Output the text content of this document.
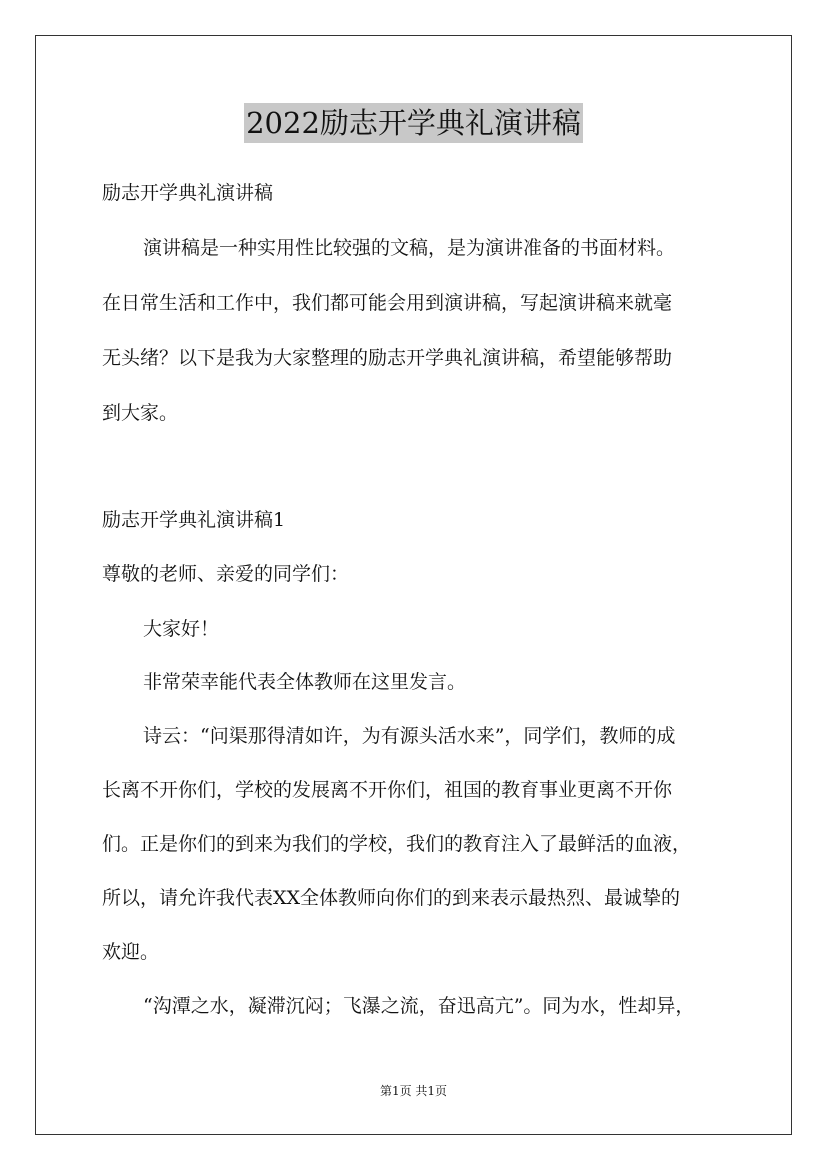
2022励志开学典礼演讲稿
励志开学典礼演讲稿
演讲稿是一种实用性比较强的文稿，是为演讲准备的书面材料。
在日常生活和工作中，我们都可能会用到演讲稿，写起演讲稿来就毫
无头绪？以下是我为大家整理的励志开学典礼演讲稿，希望能够帮助
到大家。
励志开学典礼演讲稿1
尊敬的老师、亲爱的同学们：
大家好！
非常荣幸能代表全体教师在这里发言。
诗云：“问渠那得清如许，为有源头活水来”，同学们，教师的成
长离不开你们，学校的发展离不开你们，祖国的教育事业更离不开你
们。正是你们的到来为我们的学校，我们的教育注入了最鲜活的血液，
所以，请允许我代表XX全体教师向你们的到来表示最热烈、最诚挚的
欢迎。
“沟潭之水，凝滞沉闷；飞瀑之流，奋迅高亢”。同为水，性却异，
第1页 共1页
